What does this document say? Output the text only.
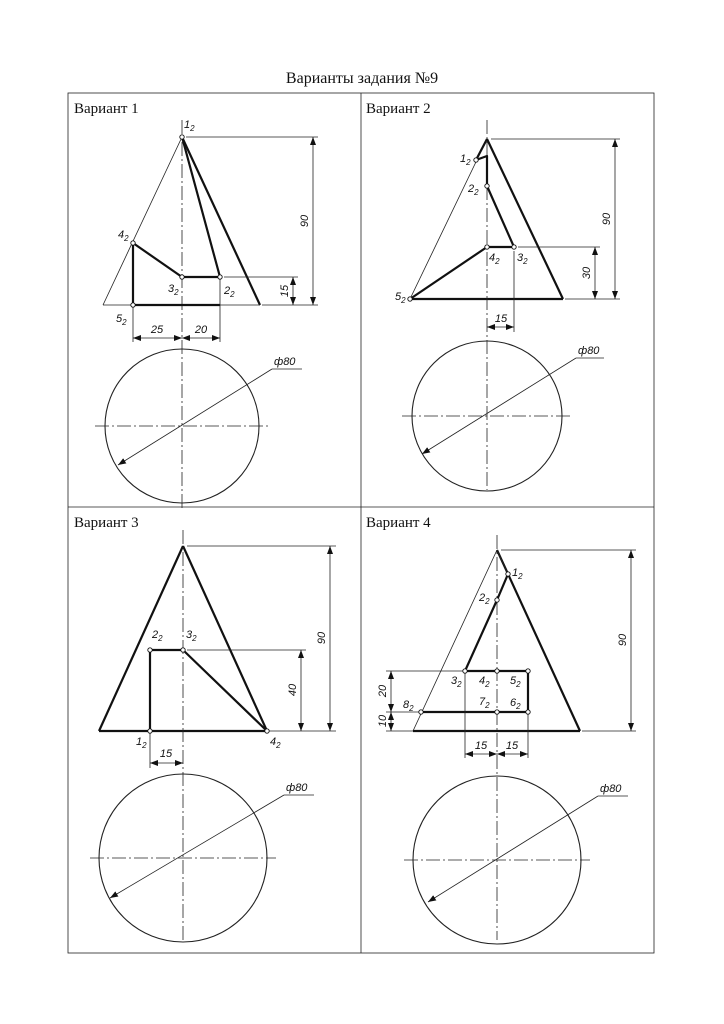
Варианты задания №9
Вариант 1
$1_2$
$4_2$
$3_2$	$2_2$
$5_2$
90
15
25	20
ф80
Вариант 2
$1_2$
$2_2$
$4_2$ $3_2$
$5_2$
90
30
15
ф80
Вариант 3
$1_2$
$2_2$ $3_2$
$4_2$
90
40
15
ф80
Вариант 4
$1_2$
$2_2$
$3_2$ $4_2$ $5_2$
$6_2$
$7_2$
$8_2$
90
20
10
15 15
ф80
